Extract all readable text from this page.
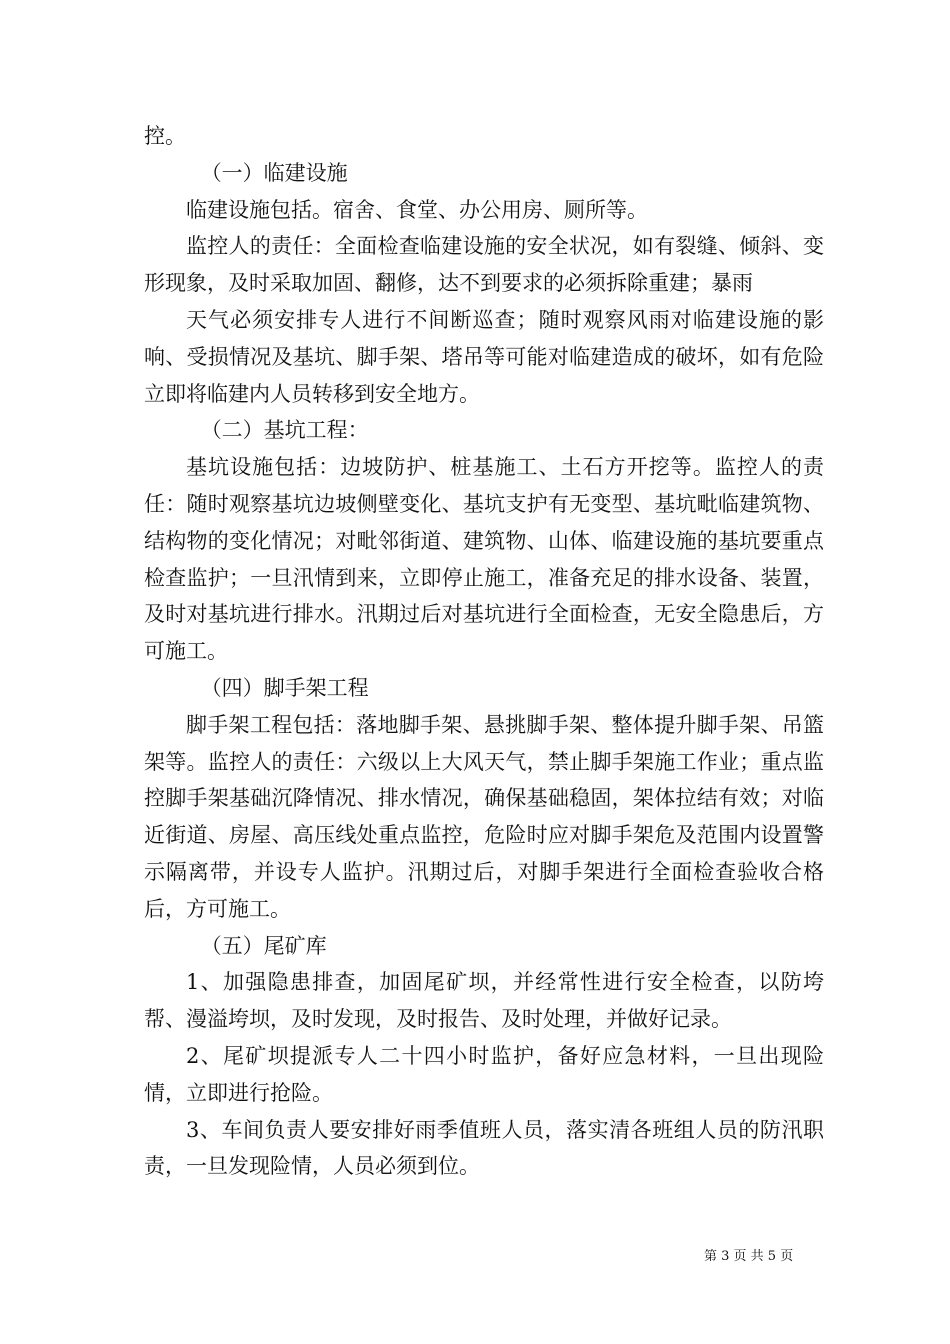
控。

（一）临建设施

临建设施包括。宿舍、食堂、办公用房、厕所等。

监控人的责任：全面检查临建设施的安全状况，如有裂缝、倾斜、变形现象，及时采取加固、翻修，达不到要求的必须拆除重建；暴雨

天气必须安排专人进行不间断巡查；随时观察风雨对临建设施的影响、受损情况及基坑、脚手架、塔吊等可能对临建造成的破坏，如有危险立即将临建内人员转移到安全地方。

（二）基坑工程：

基坑设施包括：边坡防护、桩基施工、土石方开挖等。监控人的责任：随时观察基坑边坡侧壁变化、基坑支护有无变型、基坑毗临建筑物、结构物的变化情况；对毗邻街道、建筑物、山体、临建设施的基坑要重点检查监护；一旦汛情到来，立即停止施工，准备充足的排水设备、装置，及时对基坑进行排水。汛期过后对基坑进行全面检查，无安全隐患后，方可施工。

（四）脚手架工程

脚手架工程包括：落地脚手架、悬挑脚手架、整体提升脚手架、吊篮架等。监控人的责任：六级以上大风天气，禁止脚手架施工作业；重点监控脚手架基础沉降情况、排水情况，确保基础稳固，架体拉结有效；对临近街道、房屋、高压线处重点监控，危险时应对脚手架危及范围内设置警示隔离带，并设专人监护。汛期过后，对脚手架进行全面检查验收合格后，方可施工。

（五）尾矿库

1、加强隐患排查，加固尾矿坝，并经常性进行安全检查，以防垮帮、漫溢垮坝，及时发现，及时报告、及时处理，并做好记录。

2、尾矿坝提派专人二十四小时监护，备好应急材料，一旦出现险情，立即进行抢险。

3、车间负责人要安排好雨季值班人员，落实清各班组人员的防汛职责，一旦发现险情，人员必须到位。

第 3 页 共 5 页
